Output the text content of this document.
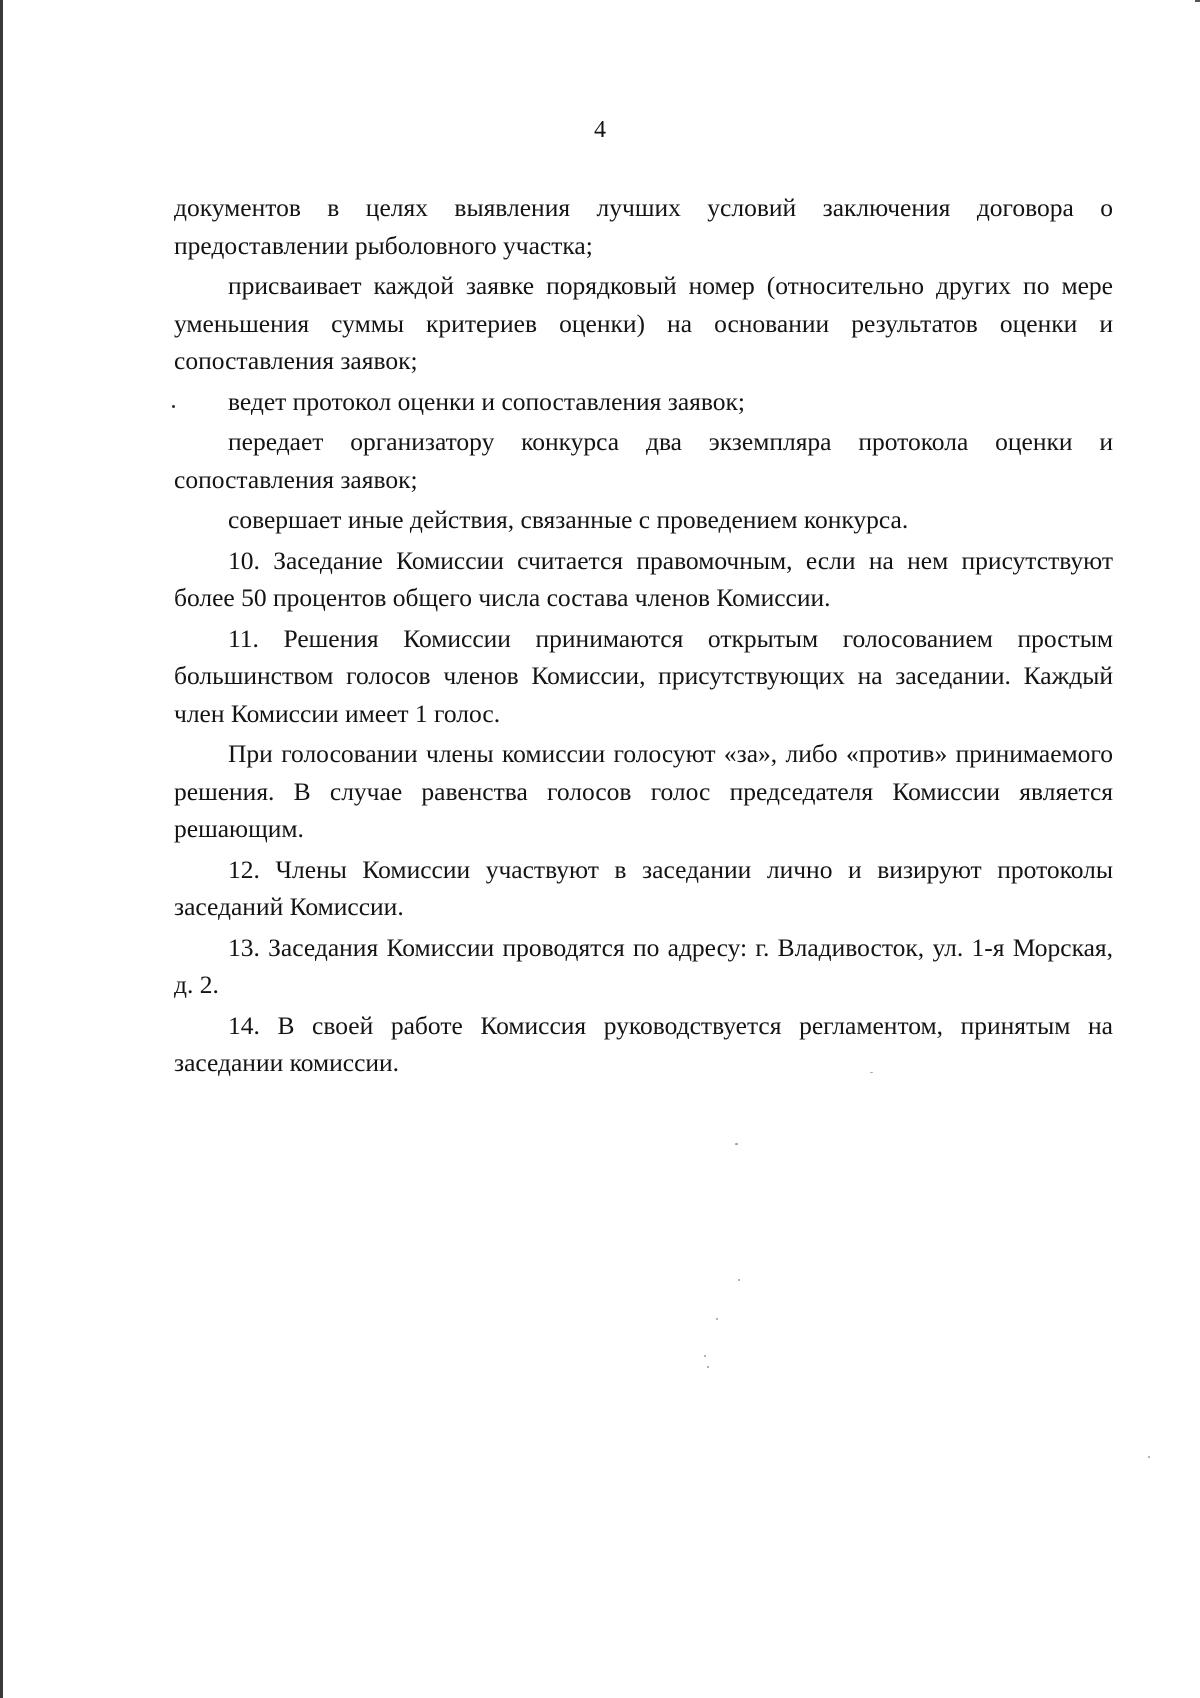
4

документов в целях выявления лучших условий заключения договора о предоставлении рыболовного участка;

присваивает каждой заявке порядковый номер (относительно других по мере уменьшения суммы критериев оценки) на основании результатов оценки и сопоставления заявок;

ведет протокол оценки и сопоставления заявок;

передает организатору конкурса два экземпляра протокола оценки и сопоставления заявок;

совершает иные действия, связанные с проведением конкурса.

10. Заседание Комиссии считается правомочным, если на нем присутствуют более 50 процентов общего числа состава членов Комиссии.

11. Решения Комиссии принимаются открытым голосованием простым большинством голосов членов Комиссии, присутствующих на заседании. Каждый член Комиссии имеет 1 голос.

При голосовании члены комиссии голосуют «за», либо «против» принимаемого решения. В случае равенства голосов голос председателя Комиссии является решающим.

12. Члены Комиссии участвуют в заседании лично и визируют протоколы заседаний Комиссии.

13. Заседания Комиссии проводятся по адресу: г. Владивосток, ул. 1-я Морская, д. 2.

14. В своей работе Комиссия руководствуется регламентом, принятым на заседании комиссии.
